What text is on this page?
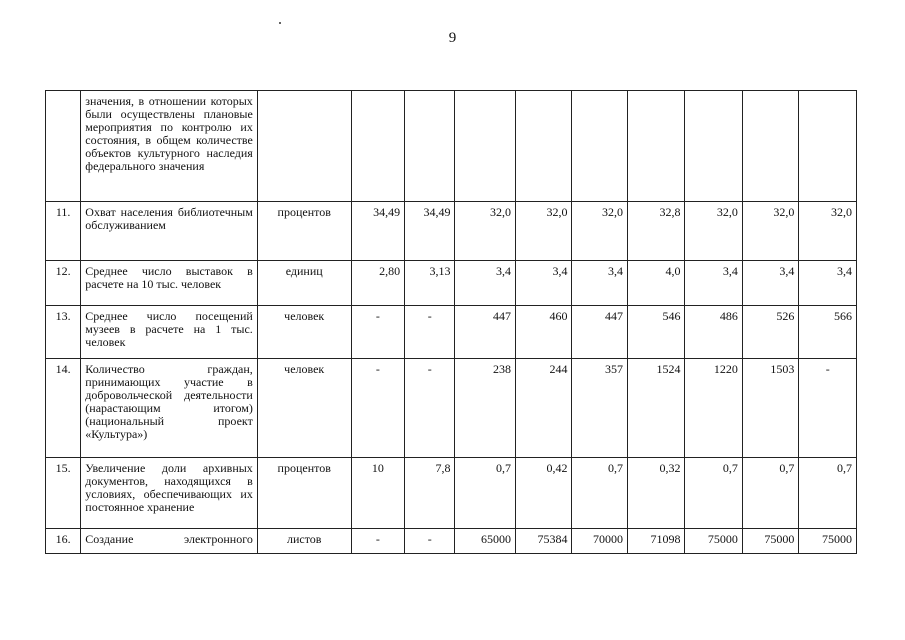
9
	значения, в отношении которых были осуществлены плановые мероприятия по контролю их состояния, в общем количестве объектов культурного наследия федерального значения										
11.	Охват населения библиотечным обслуживанием	процентов	34,49	34,49	32,0	32,0	32,0	32,8	32,0	32,0	32,0
12.	Среднее число выставок в расчете на 10 тыс. человек	единиц	2,80	3,13	3,4	3,4	3,4	4,0	3,4	3,4	3,4
13.	Среднее число посещений музеев в расчете на 1 тыс. человек	человек	-	-	447	460	447	546	486	526	566
14.	Количество граждан, принимающих участие в добровольческой деятельности (нарастающим итогом) (национальный проект «Культура»)	человек	-	-	238	244	357	1524	1220	1503	-
15.	Увеличение доли архивных документов, находящихся в условиях, обеспечивающих их постоянное хранение	процентов	10	7,8	0,7	0,42	0,7	0,32	0,7	0,7	0,7
16.	Создание электронного	листов	-	-	65000	75384	70000	71098	75000	75000	75000
